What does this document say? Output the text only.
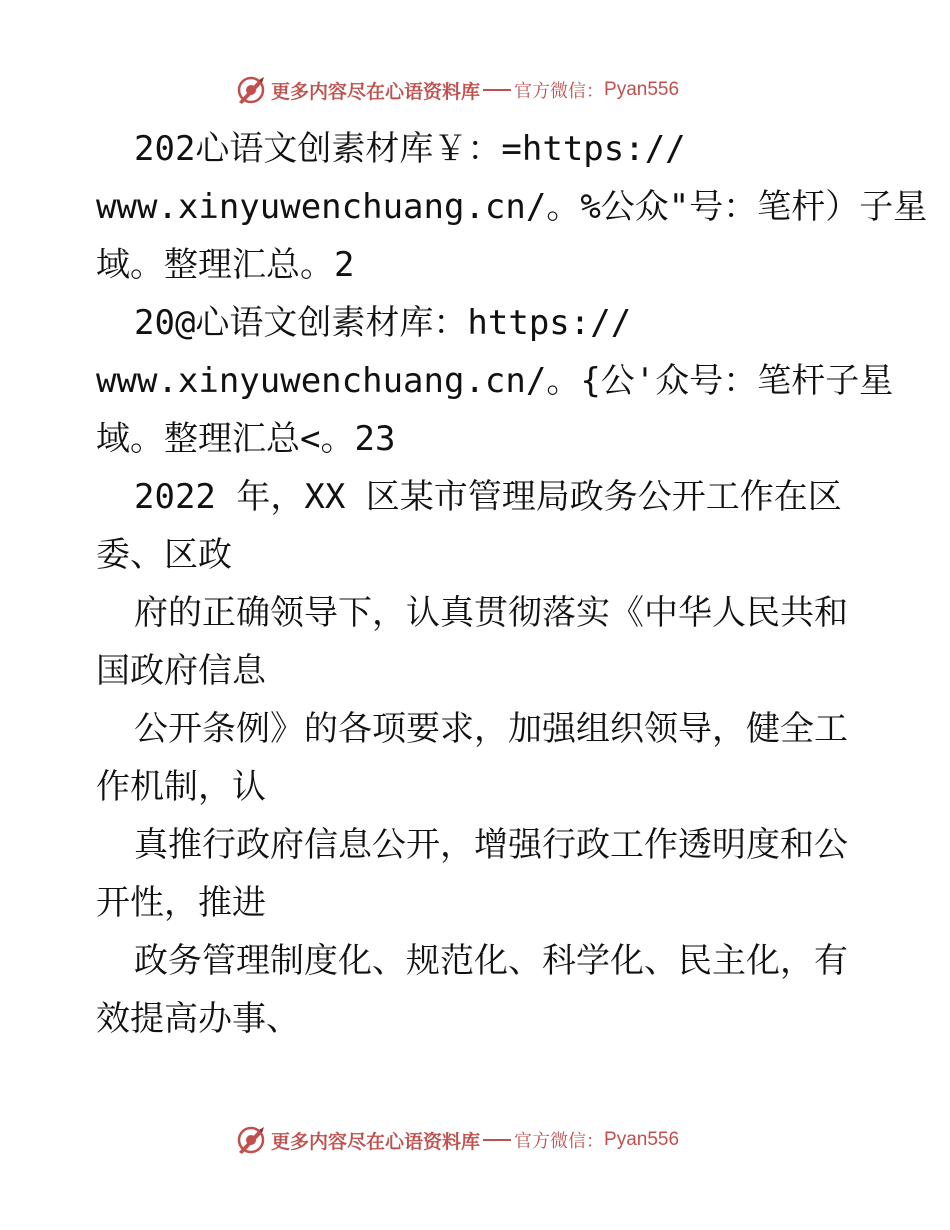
更多内容尽在心语资料库 官方微信： Pyan556
202心语文创素材库￥：=https://
www.xinyuwenchuang.cn/。%公众"号：笔杆）子星
域。整理汇总。2
20@心语文创素材库：https://
www.xinyuwenchuang.cn/。{公'众号：笔杆子星
域。整理汇总<。23
2022 年，XX 区某市管理局政务公开工作在区
委、区政
府的正确领导下，认真贯彻落实《中华人民共和
国政府信息
公开条例》的各项要求，加强组织领导，健全工
作机制，认
真推行政府信息公开，增强行政工作透明度和公
开性，推进
政务管理制度化、规范化、科学化、民主化，有
效提高办事、
更多内容尽在心语资料库 官方微信： Pyan556
